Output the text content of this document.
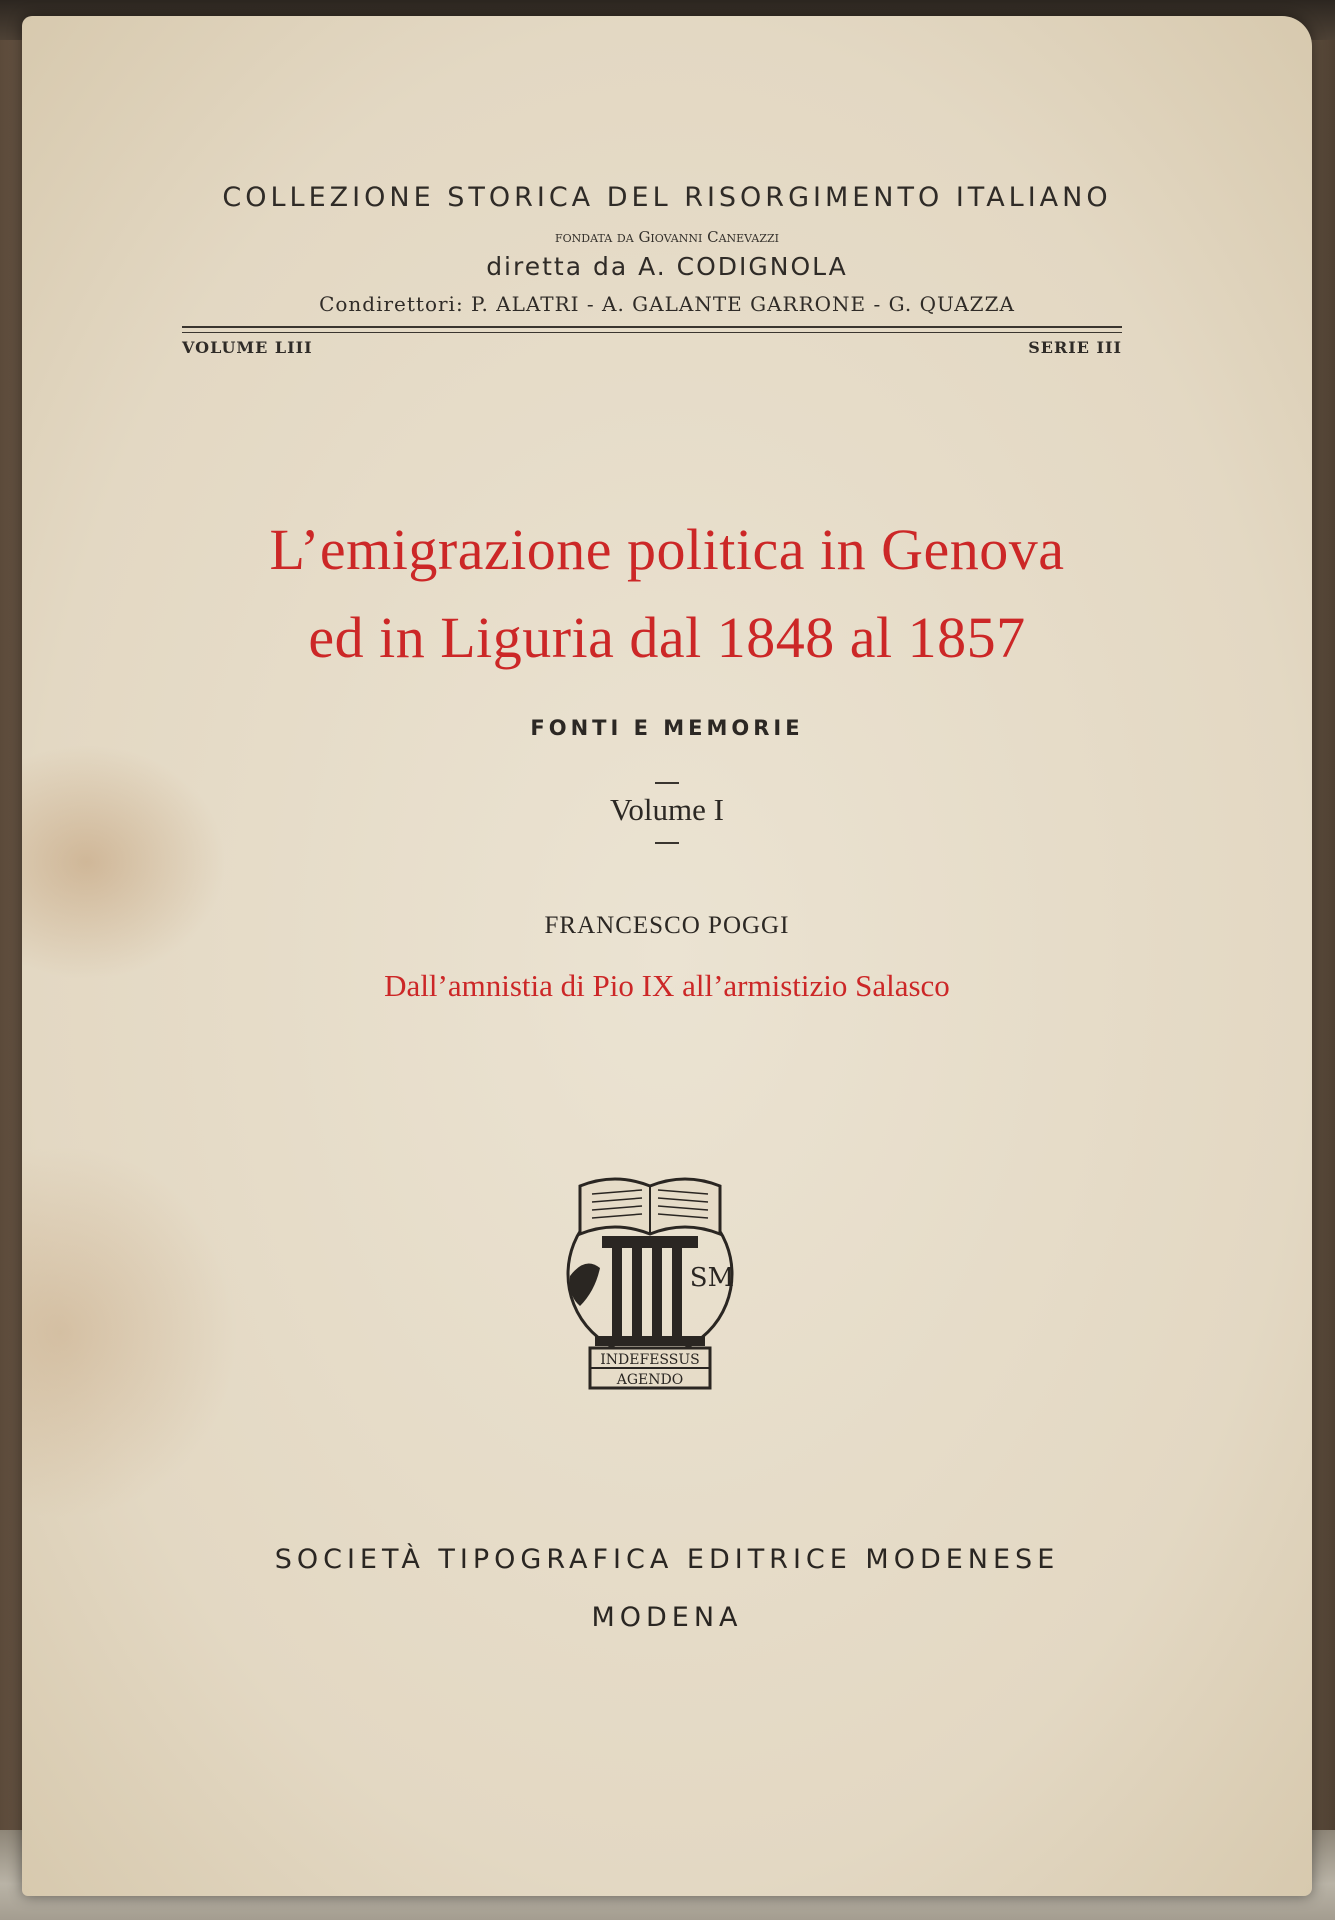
COLLEZIONE STORICA DEL RISORGIMENTO ITALIANO
fondata da Giovanni Canevazzi
diretta da A. CODIGNOLA
Condirettori: P. ALATRI - A. GALANTE GARRONE - G. QUAZZA
VOLUME LIII	SERIE III
L’emigrazione politica in Genova
ed in Liguria dal 1848 al 1857
FONTI E MEMORIE
Volume I
FRANCESCO POGGI
Dall’amnistia di Pio IX all’armistizio Salasco
INDEFESSUS
AGENDO
SM
SOCIETÀ TIPOGRAFICA EDITRICE MODENESE
MODENA
